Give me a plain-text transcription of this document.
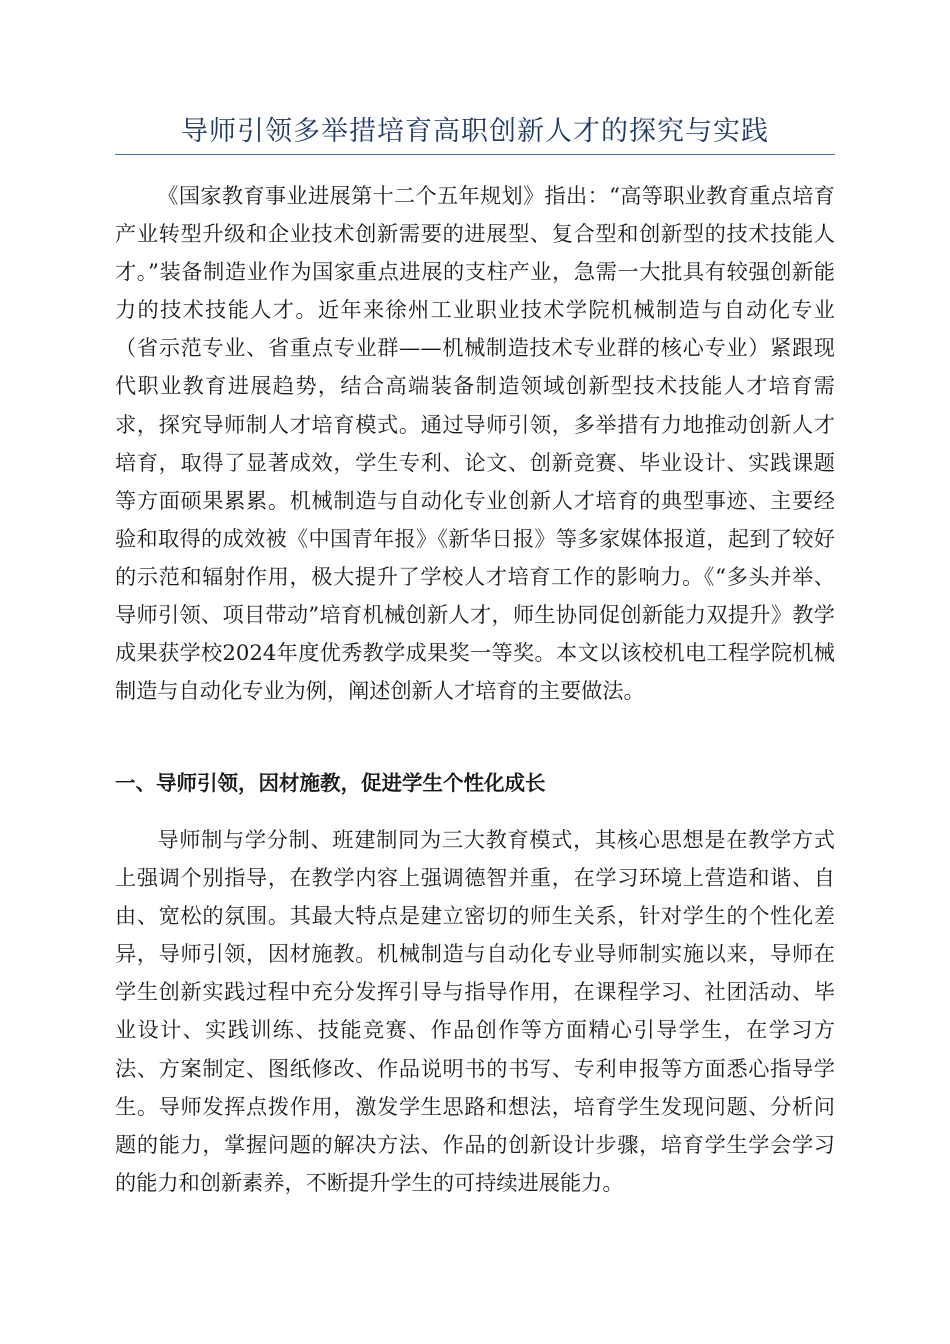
导师引领多举措培育高职创新人才的探究与实践

《国家教育事业进展第十二个五年规划》指出：“高等职业教育重点培育产业转型升级和企业技术创新需要的进展型、复合型和创新型的技术技能人才。”装备制造业作为国家重点进展的支柱产业，急需一大批具有较强创新能力的技术技能人才。近年来徐州工业职业技术学院机械制造与自动化专业（省示范专业、省重点专业群——机械制造技术专业群的核心专业）紧跟现代职业教育进展趋势，结合高端装备制造领域创新型技术技能人才培育需求，探究导师制人才培育模式。通过导师引领，多举措有力地推动创新人才培育，取得了显著成效，学生专利、论文、创新竞赛、毕业设计、实践课题等方面硕果累累。机械制造与自动化专业创新人才培育的典型事迹、主要经验和取得的成效被《中国青年报》《新华日报》等多家媒体报道，起到了较好的示范和辐射作用，极大提升了学校人才培育工作的影响力。《“多头并举、导师引领、项目带动”培育机械创新人才，师生协同促创新能力双提升》教学成果获学校2024年度优秀教学成果奖一等奖。本文以该校机电工程学院机械制造与自动化专业为例，阐述创新人才培育的主要做法。

一、导师引领，因材施教，促进学生个性化成长

导师制与学分制、班建制同为三大教育模式，其核心思想是在教学方式上强调个别指导，在教学内容上强调德智并重，在学习环境上营造和谐、自由、宽松的氛围。其最大特点是建立密切的师生关系，针对学生的个性化差异，导师引领，因材施教。机械制造与自动化专业导师制实施以来，导师在学生创新实践过程中充分发挥引导与指导作用，在课程学习、社团活动、毕业设计、实践训练、技能竞赛、作品创作等方面精心引导学生，在学习方法、方案制定、图纸修改、作品说明书的书写、专利申报等方面悉心指导学生。导师发挥点拨作用，激发学生思路和想法，培育学生发现问题、分析问题的能力，掌握问题的解决方法、作品的创新设计步骤，培育学生学会学习的能力和创新素养，不断提升学生的可持续进展能力。
